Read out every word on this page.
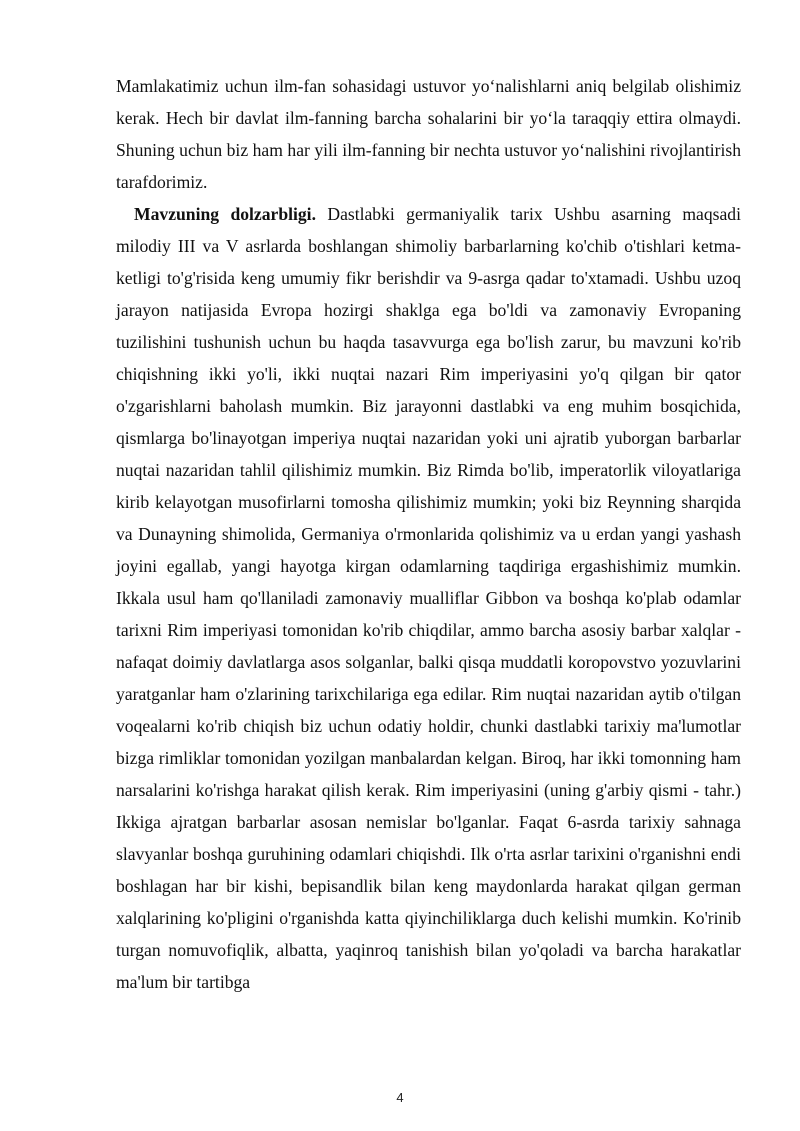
Mamlakatimiz uchun ilm-fan sohasidagi ustuvor yo‘nalishlarni aniq belgilab olishimiz kerak. Hech bir davlat ilm-fanning barcha sohalarini bir yo‘la taraqqiy ettira olmaydi. Shuning uchun biz ham har yili ilm-fanning bir nechta ustuvor yo‘nalishini rivojlantirish tarafdorimiz.

Mavzuning dolzarbligi. Dastlabki germaniyalik tarix Ushbu asarning maqsadi milodiy III va V asrlarda boshlangan shimoliy barbarlarning ko'chib o'tishlari ketma-ketligi to'g'risida keng umumiy fikr berishdir va 9-asrga qadar to'xtamadi. Ushbu uzoq jarayon natijasida Evropa hozirgi shaklga ega bo'ldi va zamonaviy Evropaning tuzilishini tushunish uchun bu haqda tasavvurga ega bo'lish zarur, bu mavzuni ko'rib chiqishning ikki yo'li, ikki nuqtai nazari Rim imperiyasini yo'q qilgan bir qator o'zgarishlarni baholash mumkin. Biz jarayonni dastlabki va eng muhim bosqichida, qismlarga bo'linayotgan imperiya nuqtai nazaridan yoki uni ajratib yuborgan barbarlar nuqtai nazaridan tahlil qilishimiz mumkin. Biz Rimda bo'lib, imperatorlik viloyatlariga kirib kelayotgan musofirlarni tomosha qilishimiz mumkin; yoki biz Reynning sharqida va Dunayning shimolida, Germaniya o'rmonlarida qolishimiz va u erdan yangi yashash joyini egallab, yangi hayotga kirgan odamlarning taqdiriga ergashishimiz mumkin. Ikkala usul ham qo'llaniladi zamonaviy mualliflar Gibbon va boshqa ko'plab odamlar tarixni Rim imperiyasi tomonidan ko'rib chiqdilar, ammo barcha asosiy barbar xalqlar - nafaqat doimiy davlatlarga asos solganlar, balki qisqa muddatli koropovstvo yozuvlarini yaratganlar ham o'zlarining tarixchilariga ega edilar. Rim nuqtai nazaridan aytib o'tilgan voqealarni ko'rib chiqish biz uchun odatiy holdir, chunki dastlabki tarixiy ma'lumotlar bizga rimliklar tomonidan yozilgan manbalardan kelgan. Biroq, har ikki tomonning ham narsalarini ko'rishga harakat qilish kerak. Rim imperiyasini (uning g'arbiy qismi - tahr.) Ikkiga ajratgan barbarlar asosan nemislar bo'lganlar. Faqat 6-asrda tarixiy sahnaga slavyanlar boshqa guruhining odamlari chiqishdi. Ilk o'rta asrlar tarixini o'rganishni endi boshlagan har bir kishi, bepisandlik bilan keng maydonlarda harakat qilgan german xalqlarining ko'pligini o'rganishda katta qiyinchiliklarga duch kelishi mumkin. Ko'rinib turgan nomuvofiqlik, albatta, yaqinroq tanishish bilan yo'qoladi va barcha harakatlar ma'lum bir tartibga

4
